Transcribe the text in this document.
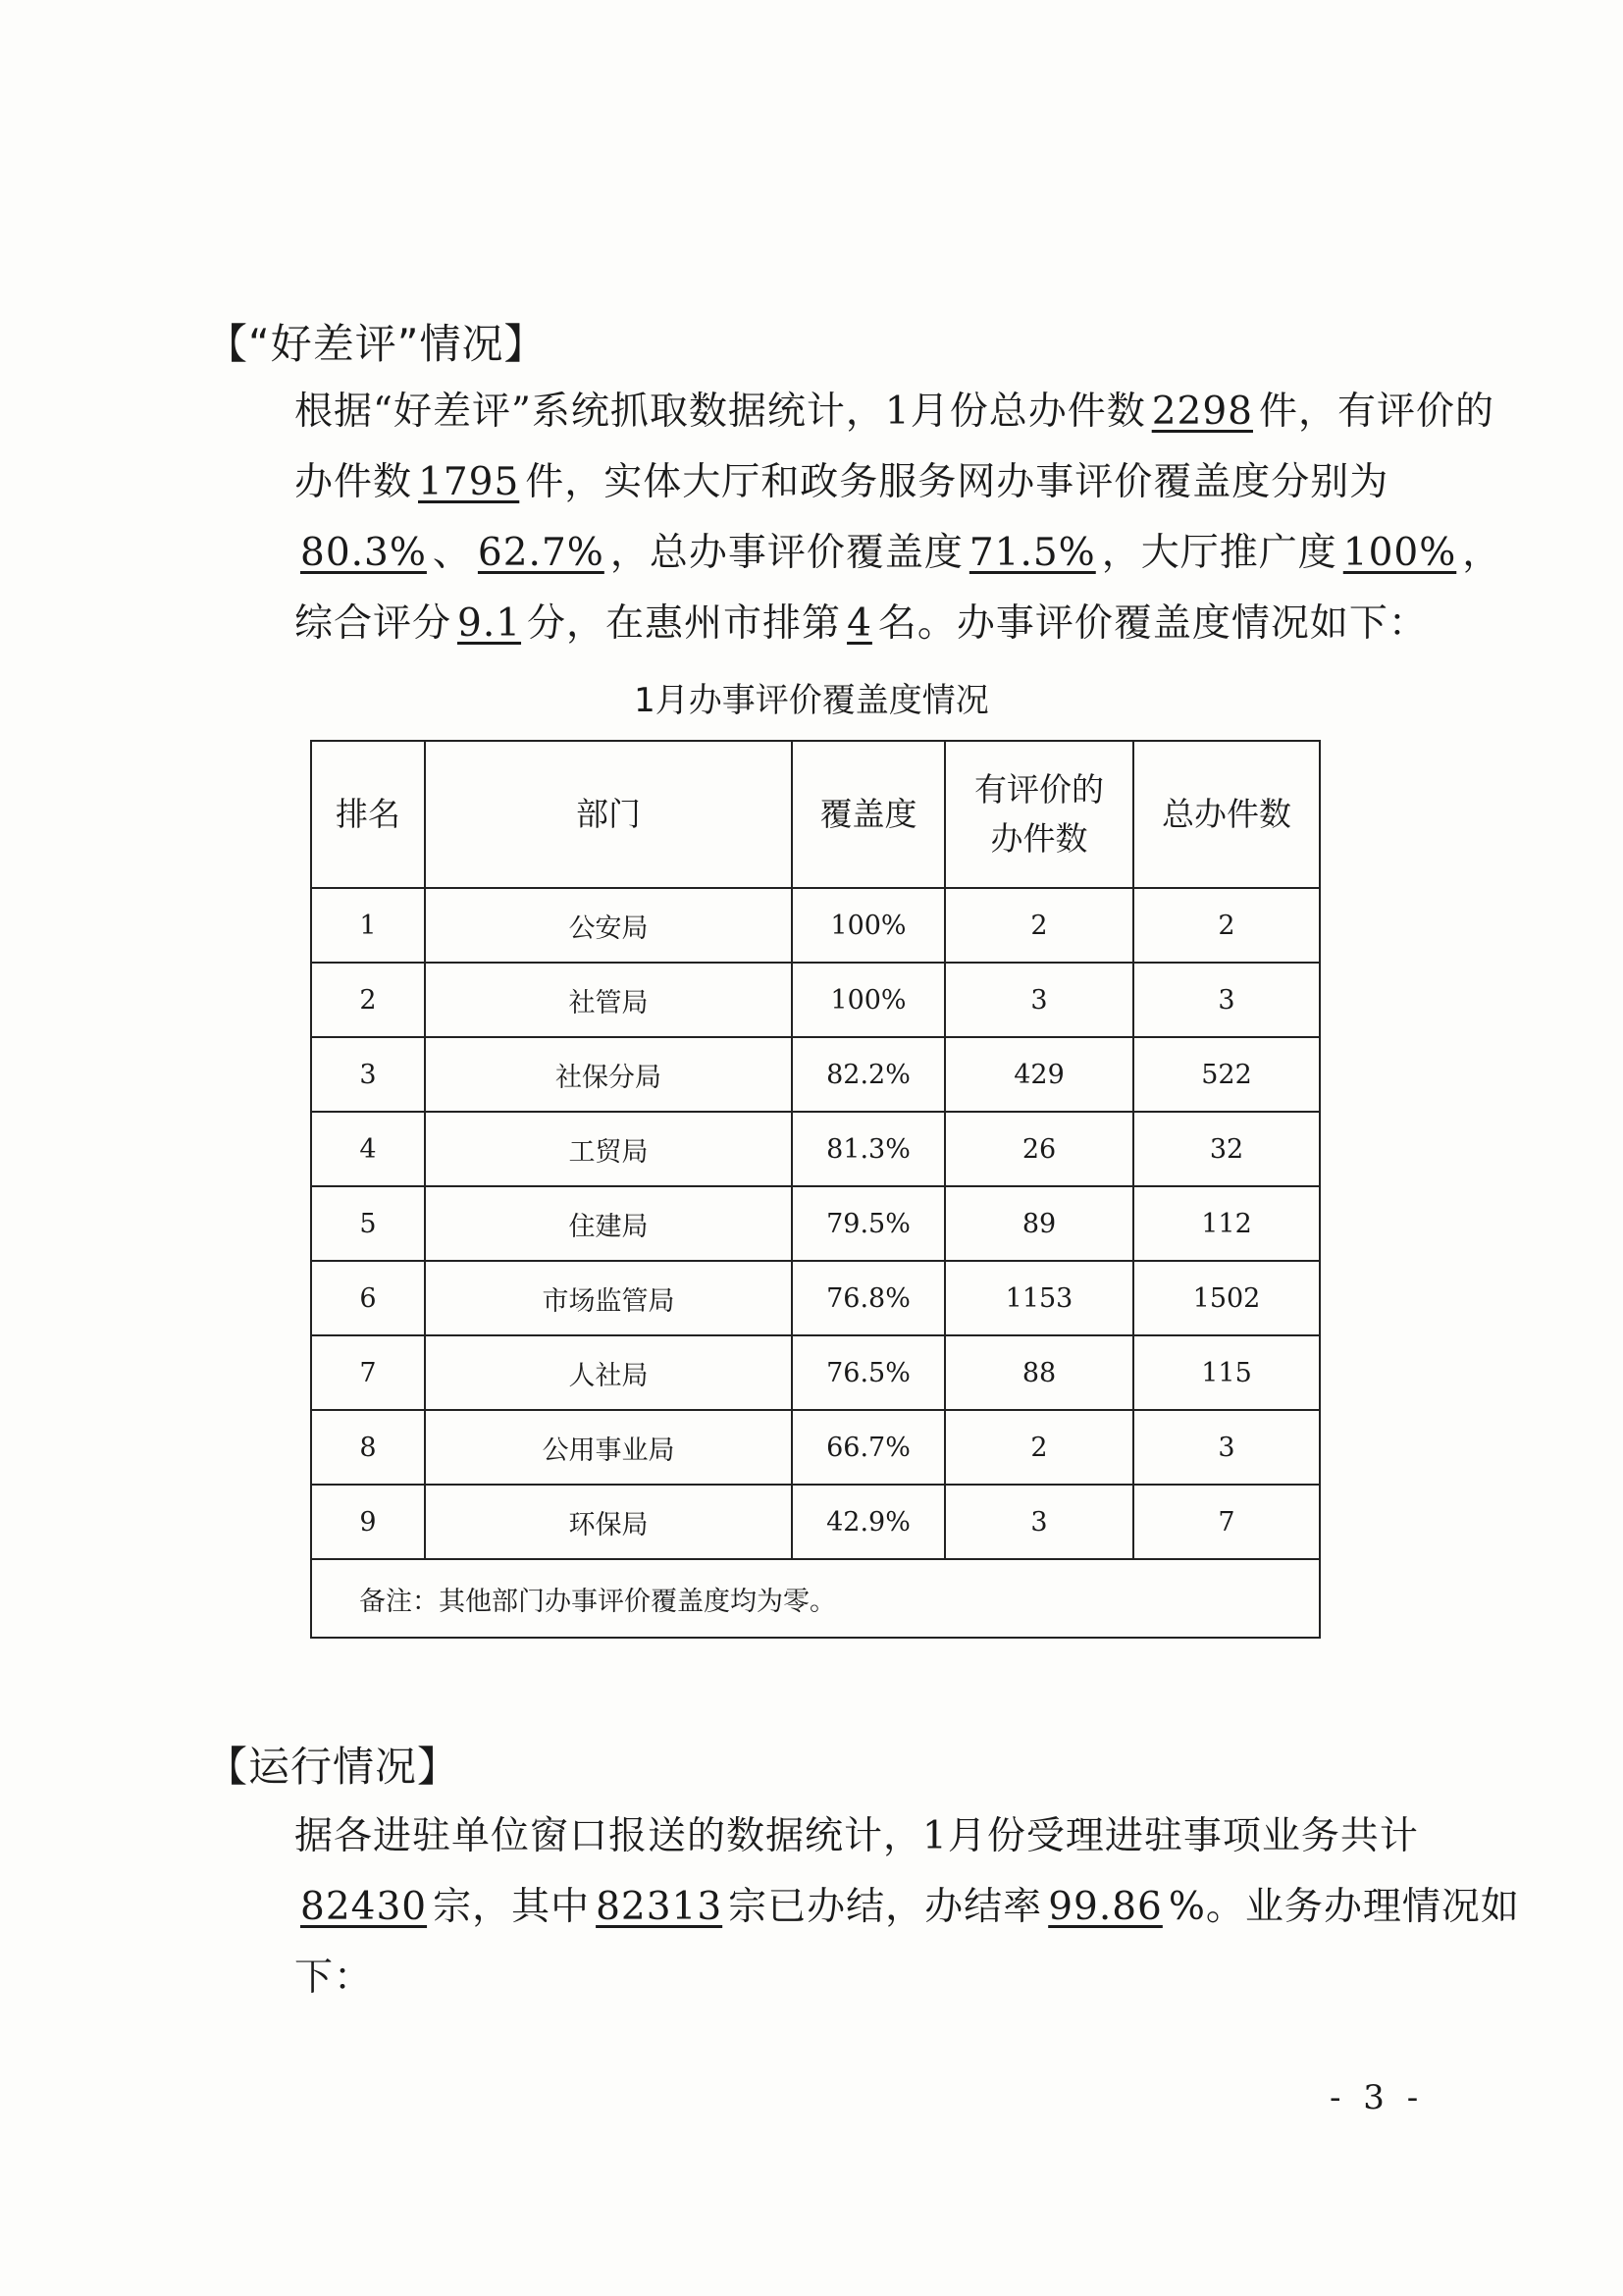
【“好差评”情况】
根据“好差评”系统抓取数据统计，1月份总办件数 2298 件，有评价的办件数 1795 件，实体大厅和政务服务网办事评价覆盖度分别为80.3% 、 62.7% ，总办事评价覆盖度 71.5% ，大厅推广度 100% ，综合评分 9.1 分，在惠州市排第 4 名。办事评价覆盖度情况如下：
1月办事评价覆盖度情况
排名	部门	覆盖度	有评价的办件数	总办件数
1	公安局	100%	2	2
2	社管局	100%	3	3
3	社保分局	82.2%	429	522
4	工贸局	81.3%	26	32
5	住建局	79.5%	89	112
6	市场监管局	76.8%	1153	1502
7	人社局	76.5%	88	115
8	公用事业局	66.7%	2	3
9	环保局	42.9%	3	7
备注：其他部门办事评价覆盖度均为零。				
【运行情况】
据各进驻单位窗口报送的数据统计，1月份受理进驻事项业务共计82430 宗，其中 82313 宗已办结，办结率 99.86 %。业务办理情况如下：
- 3 -
